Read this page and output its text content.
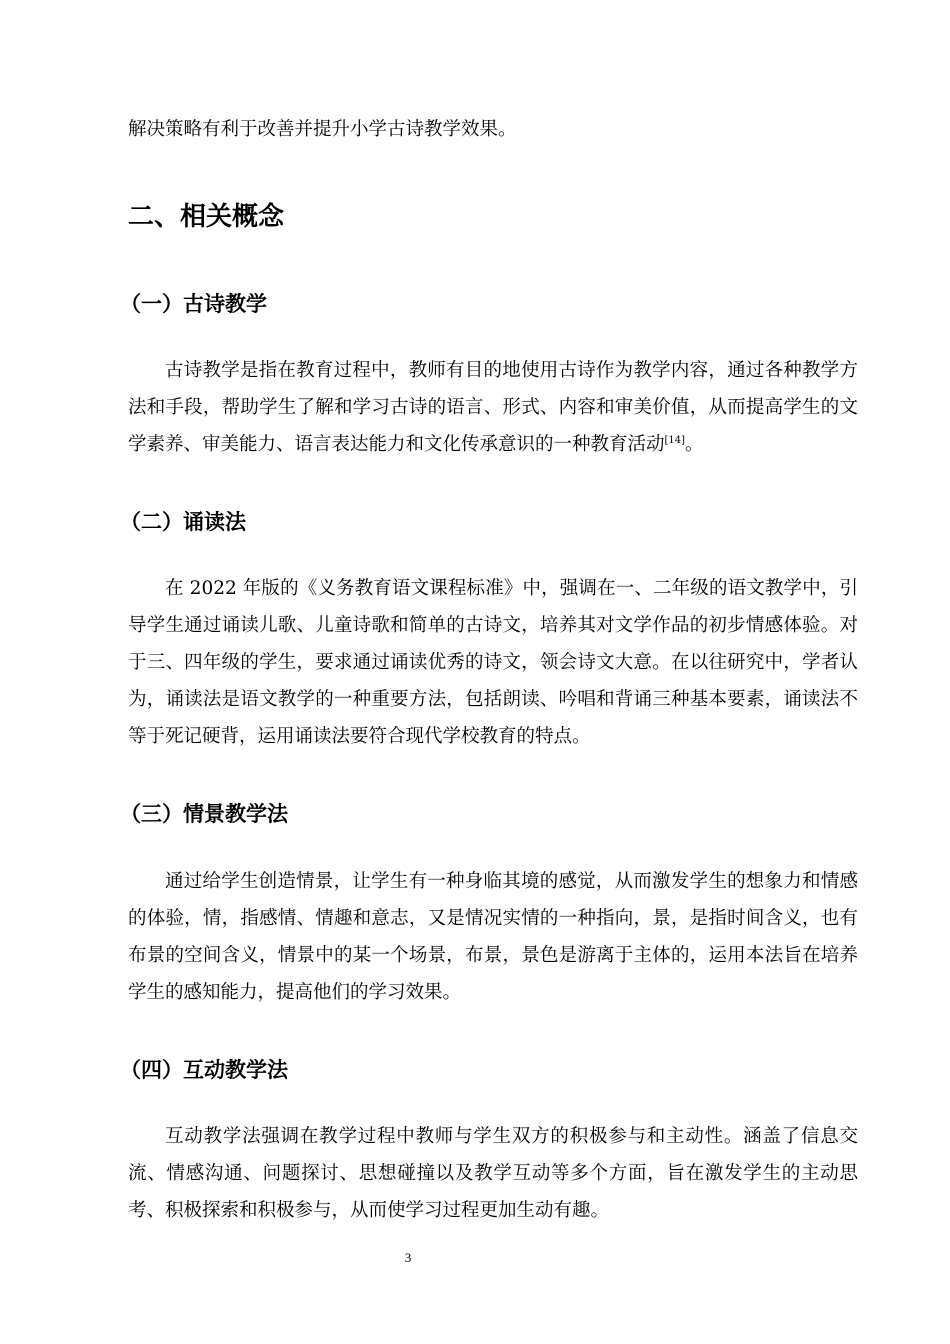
解决策略有利于改善并提升小学古诗教学效果。

二、相关概念
（一）古诗教学

古诗教学是指在教育过程中，教师有目的地使用古诗作为教学内容，通过各种教学方法和手段，帮助学生了解和学习古诗的语言、形式、内容和审美价值，从而提高学生的文学素养、审美能力、语言表达能力和文化传承意识的一种教育活动[14]。

（二）诵读法

在 2022 年版的《义务教育语文课程标准》中，强调在一、二年级的语文教学中，引导学生通过诵读儿歌、儿童诗歌和简单的古诗文，培养其对文学作品的初步情感体验。对于三、四年级的学生，要求通过诵读优秀的诗文，领会诗文大意。在以往研究中，学者认为，诵读法是语文教学的一种重要方法，包括朗读、吟唱和背诵三种基本要素，诵读法不等于死记硬背，运用诵读法要符合现代学校教育的特点。

（三）情景教学法

通过给学生创造情景，让学生有一种身临其境的感觉，从而激发学生的想象力和情感的体验，情，指感情、情趣和意志，又是情况实情的一种指向，景，是指时间含义，也有布景的空间含义，情景中的某一个场景，布景，景色是游离于主体的，运用本法旨在培养学生的感知能力，提高他们的学习效果。

（四）互动教学法

互动教学法强调在教学过程中教师与学生双方的积极参与和主动性。涵盖了信息交流、情感沟通、问题探讨、思想碰撞以及教学互动等多个方面，旨在激发学生的主动思考、积极探索和积极参与，从而使学习过程更加生动有趣。

3
